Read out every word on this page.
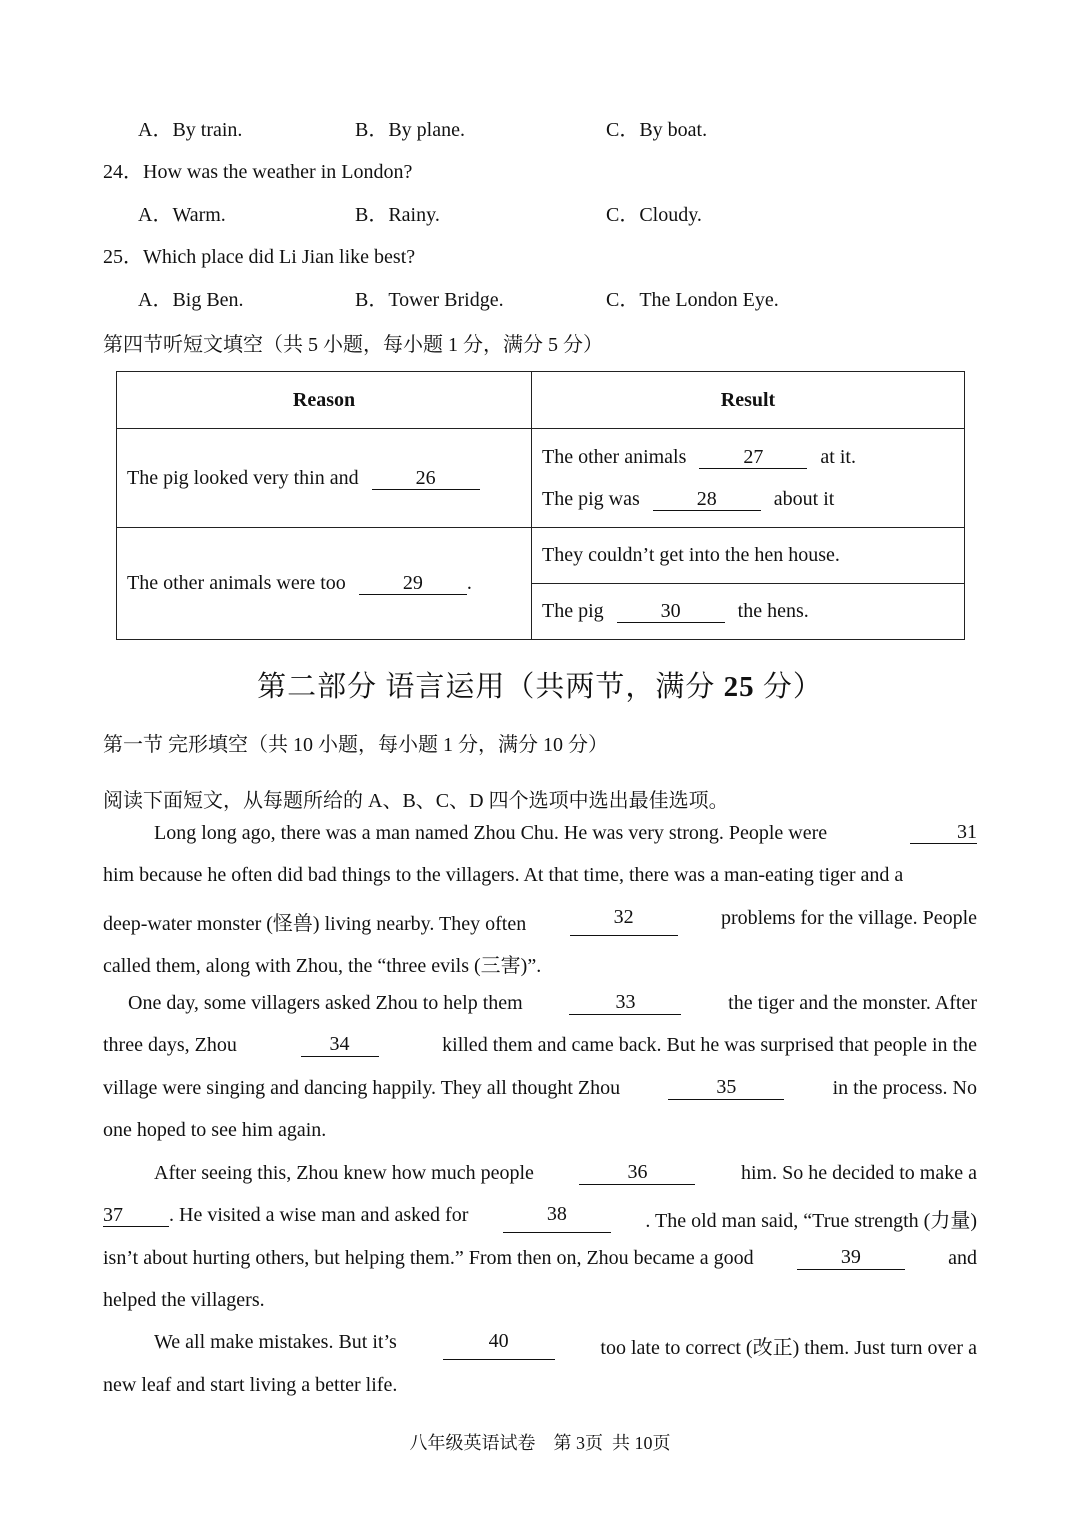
A．By train.	B．By plane.	C．By boat.
24．How was the weather in London?
A．Warm.	B．Rainy.	C．Cloudy.
25．Which place did Li Jian like best?
A．Big Ben.	B．Tower Bridge.	C．The London Eye.
第四节听短文填空（共 5 小题，每小题 1 分，满分 5 分）
Reason	Result
The pig looked very thin and 26	The other animals 27 at it.
The pig was 28 about it

The other animals were too 29 .	They couldn’t get into the hen house.
	The pig 30 the hens.
第二部分 语言运用（共两节，满分 25 分）
第一节 完形填空（共 10 小题，每小题 1 分，满分 10 分）
阅读下面短文，从每题所给的 A、B、C、D 四个选项中选出最佳选项。
Long long ago, there was a man named Zhou Chu. He was very strong. People were	31
him because he often did bad things to the villagers. At that time, there was a man-eating tiger and a
deep-water monster (怪兽) living nearby. They often	32	problems for the village. People
called them, along with Zhou, the “three evils (三害)”.
One day, some villagers asked Zhou to help them	33	the tiger and the monster. After
three days, Zhou	34	killed them and came back. But he was surprised that people in the
village were singing and dancing happily. They all thought Zhou	35	in the process. No
one hoped to see him again.
After seeing this, Zhou knew how much people	36	him. So he decided to make a
37 . He visited a wise man and asked for	38	. The old man said, “True strength (力量)
isn’t about hurting others, but helping them.” From then on, Zhou became a good	39	and
helped the villagers.
We all make mistakes. But it’s	40	too late to correct (改正) them. Just turn over a
new leaf and start living a better life.
八年级英语试卷    第 3页  共 10页
